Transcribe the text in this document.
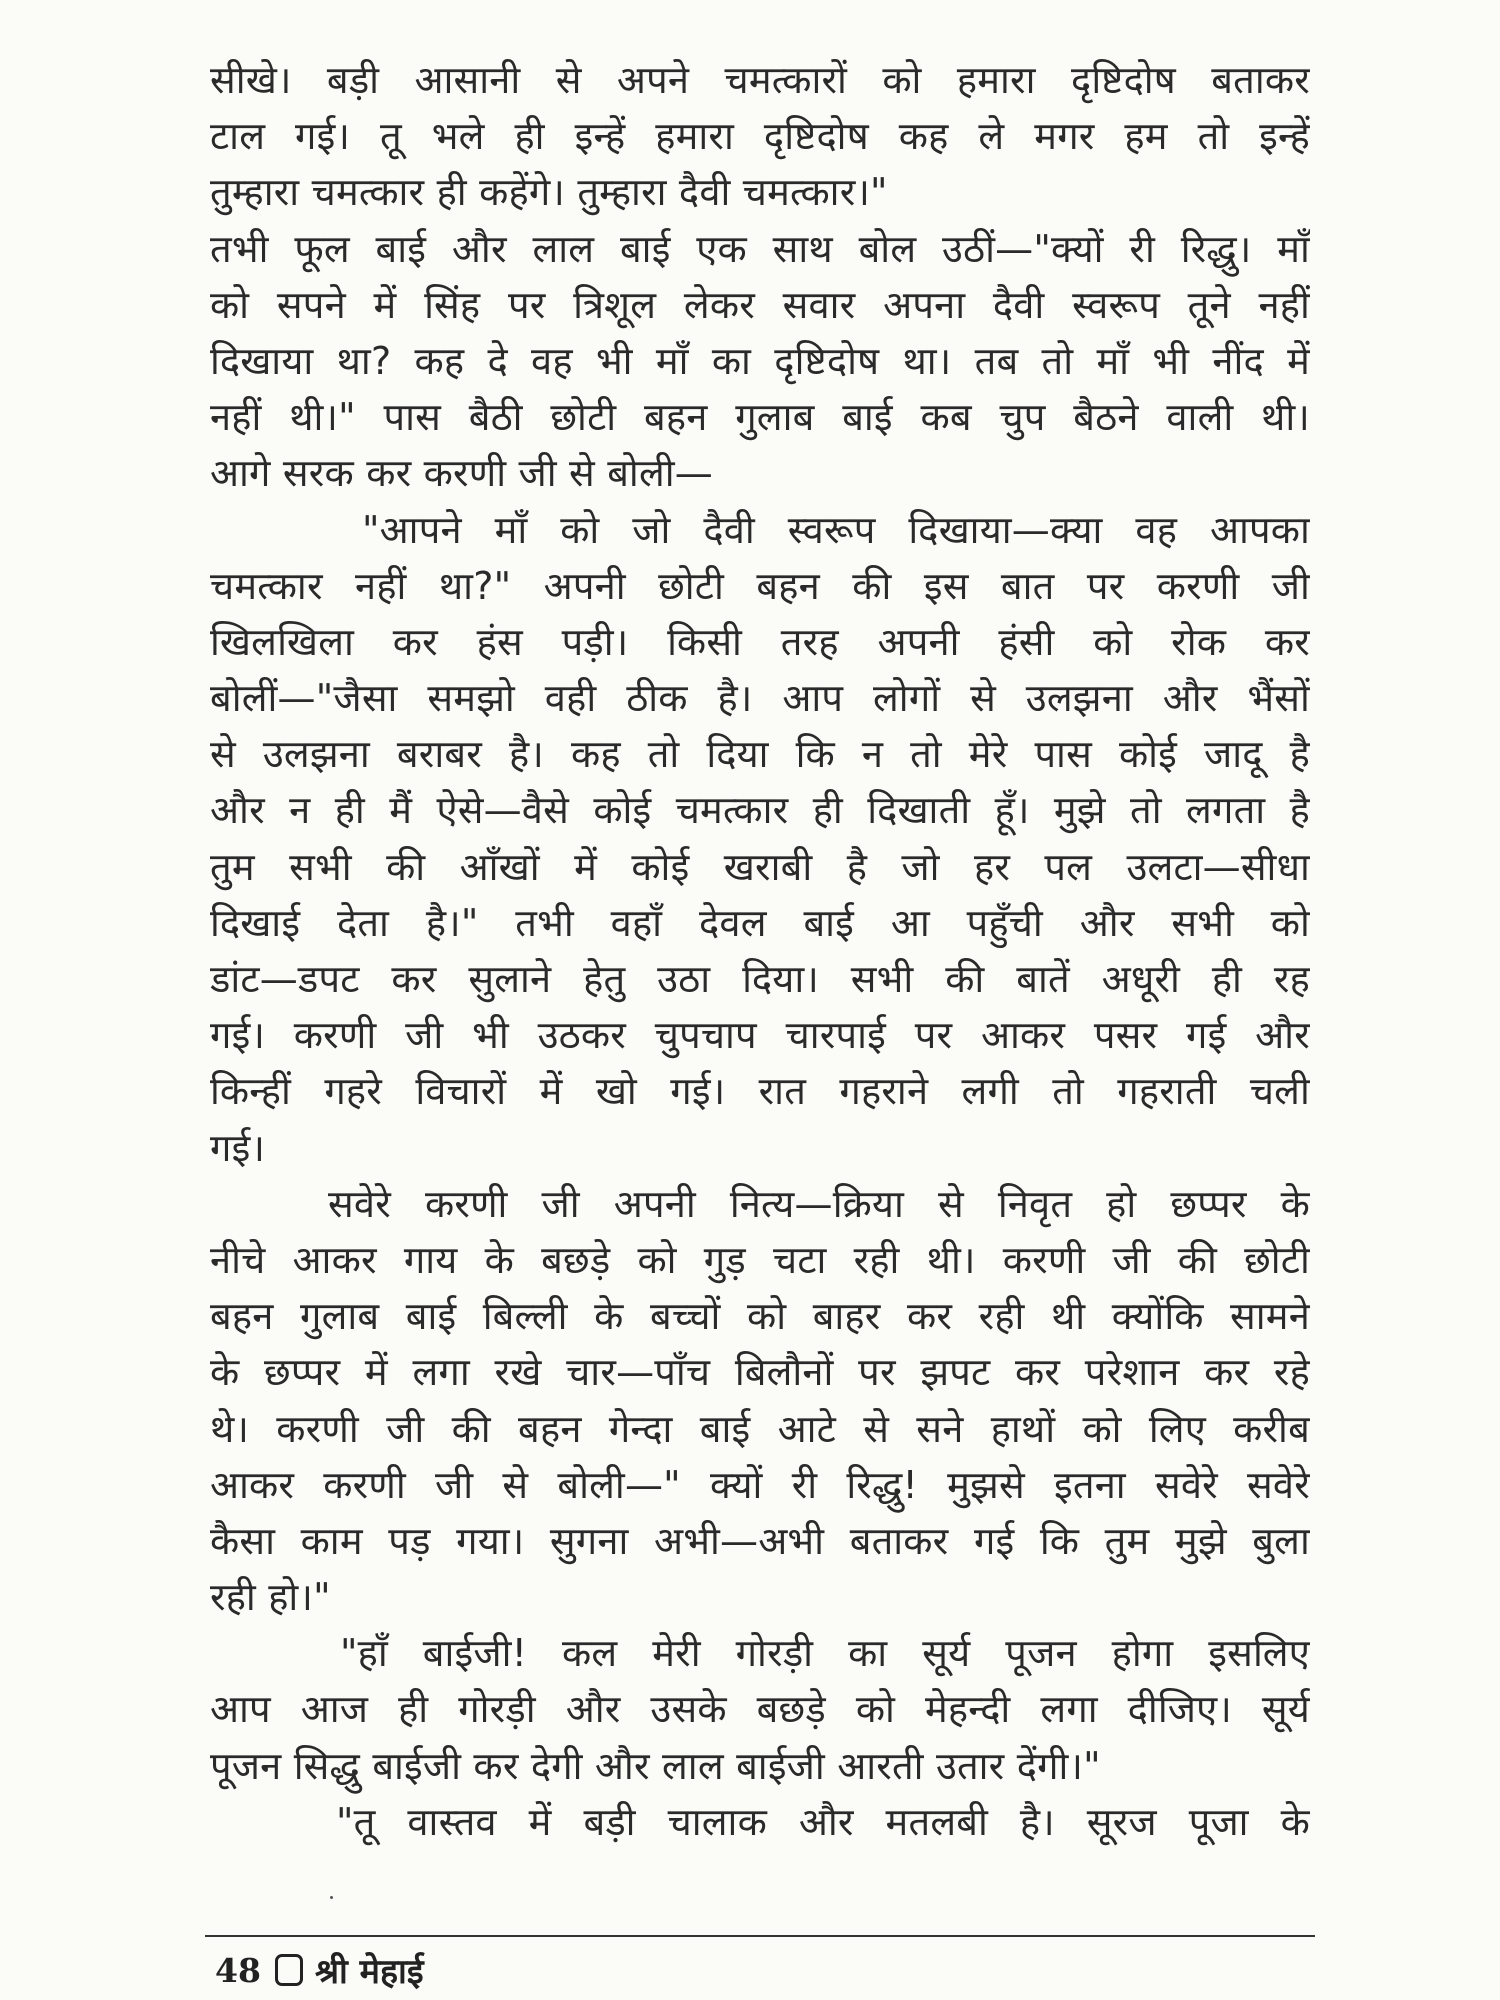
सीखे। बड़ी आसानी से अपने चमत्कारों को हमारा दृष्टिदोष बताकर
टाल गई। तू भले ही इन्हें हमारा दृष्टिदोष कह ले मगर हम तो इन्हें
तुम्हारा चमत्कार ही कहेंगे। तुम्हारा दैवी चमत्कार।"
तभी फूल बाई और लाल बाई एक साथ बोल उठीं—"क्यों री रिद्धु। माँ
को सपने में सिंह पर त्रिशूल लेकर सवार अपना दैवी स्वरूप तूने नहीं
दिखाया था? कह दे वह भी माँ का दृष्टिदोष था। तब तो माँ भी नींद में
नहीं थी।" पास बैठी छोटी बहन गुलाब बाई कब चुप बैठने वाली थी।
आगे सरक कर करणी जी से बोली—
"आपने माँ को जो दैवी स्वरूप दिखाया—क्या वह आपका
चमत्कार नहीं था?" अपनी छोटी बहन की इस बात पर करणी जी
खिलखिला कर हंस पड़ी। किसी तरह अपनी हंसी को रोक कर
बोलीं—"जैसा समझो वही ठीक है। आप लोगों से उलझना और भैंसों
से उलझना बराबर है। कह तो दिया कि न तो मेरे पास कोई जादू है
और न ही मैं ऐसे—वैसे कोई चमत्कार ही दिखाती हूँ। मुझे तो लगता है
तुम सभी की आँखों में कोई खराबी है जो हर पल उलटा—सीधा
दिखाई देता है।" तभी वहाँ देवल बाई आ पहुँची और सभी को
डांट—डपट कर सुलाने हेतु उठा दिया। सभी की बातें अधूरी ही रह
गई। करणी जी भी उठकर चुपचाप चारपाई पर आकर पसर गई और
किन्हीं गहरे विचारों में खो गई। रात गहराने लगी तो गहराती चली
गई।
सवेरे करणी जी अपनी नित्य—क्रिया से निवृत हो छप्पर के
नीचे आकर गाय के बछड़े को गुड़ चटा रही थी। करणी जी की छोटी
बहन गुलाब बाई बिल्ली के बच्चों को बाहर कर रही थी क्योंकि सामने
के छप्पर में लगा रखे चार—पाँच बिलौनों पर झपट कर परेशान कर रहे
थे। करणी जी की बहन गेन्दा बाई आटे से सने हाथों को लिए करीब
आकर करणी जी से बोली—" क्यों री रिद्धु! मुझसे इतना सवेरे सवेरे
कैसा काम पड़ गया। सुगना अभी—अभी बताकर गई कि तुम मुझे बुला
रही हो।"
"हाँ बाईजी! कल मेरी गोरड़ी का सूर्य पूजन होगा इसलिए
आप आज ही गोरड़ी और उसके बछड़े को मेहन्दी लगा दीजिए। सूर्य
पूजन सिद्धु बाईजी कर देगी और लाल बाईजी आरती उतार देंगी।"
"तू वास्तव में बड़ी चालाक और मतलबी है। सूरज पूजा के
48 श्री मेहाई
